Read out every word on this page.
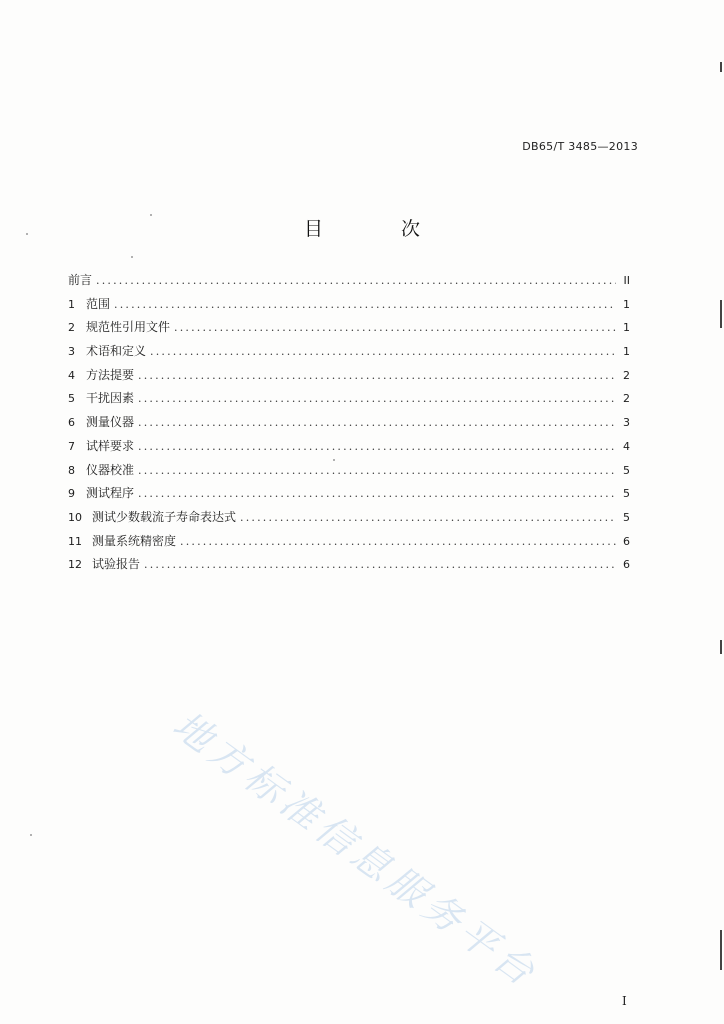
DB65/T 3485—2013
目 次
前言 .....	II
1 范围 .....	1
2 规范性引用文件 .....	1
3 术语和定义 .....	1
4 方法提要 .....	2
5 干扰因素 .....	2
6 测量仪器 .....	3
7 试样要求 .....	4
8 仪器校准 .....	5
9 测试程序 .....	5
10 测试少数载流子寿命表达式 .....	5
11 测量系统精密度 .....	6
12 试验报告 .....	6
地方标准信息服务平台
I
